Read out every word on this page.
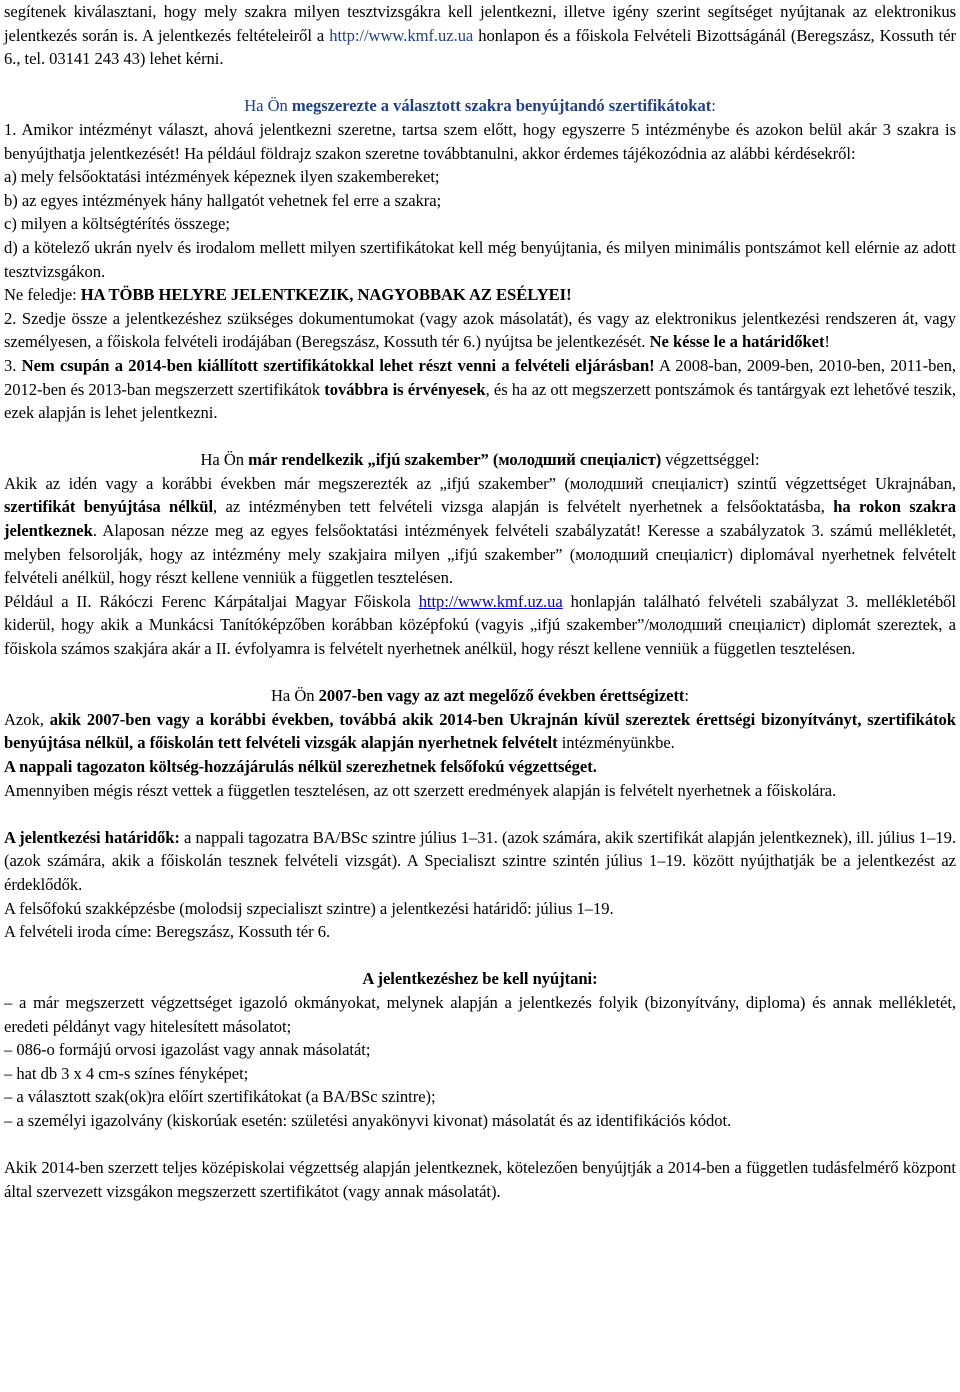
segítenek kiválasztani, hogy mely szakra milyen tesztvizsgákra kell jelentkezni, illetve igény szerint segítséget nyújtanak az elektronikus jelentkezés során is. A jelentkezés feltételeiről a http://www.kmf.uz.ua honlapon és a főiskola Felvételi Bizottságánál (Beregszász, Kossuth tér 6., tel. 03141 243 43) lehet kérni.

Ha Ön megszerezte a választott szakra benyújtandó szertifikátokat:

1. Amikor intézményt választ, ahová jelentkezni szeretne, tartsa szem előtt, hogy egyszerre 5 intézménybe és azokon belül akár 3 szakra is benyújthatja jelentkezését! Ha például földrajz szakon szeretne továbbtanulni, akkor érdemes tájékozódnia az alábbi kérdésekről:

a) mely felsőoktatási intézmények képeznek ilyen szakembereket;

b) az egyes intézmények hány hallgatót vehetnek fel erre a szakra;

c) milyen a költségtérítés összege;

d) a kötelező ukrán nyelv és irodalom mellett milyen szertifikátokat kell még benyújtania, és milyen minimális pontszámot kell elérnie az adott tesztvizsgákon.

Ne feledje: HA TÖBB HELYRE JELENTKEZIK, NAGYOBBAK AZ ESÉLYEI!

2. Szedje össze a jelentkezéshez szükséges dokumentumokat (vagy azok másolatát), és vagy az elektronikus jelentkezési rendszeren át, vagy személyesen, a főiskola felvételi irodájában (Beregszász, Kossuth tér 6.) nyújtsa be jelentkezését. Ne késse le a határidőket!

3. Nem csupán a 2014-ben kiállított szertifikátokkal lehet részt venni a felvételi eljárásban! A 2008-ban, 2009-ben, 2010-ben, 2011-ben, 2012-ben és 2013-ban megszerzett szertifikátok továbbra is érvényesek, és ha az ott megszerzett pontszámok és tantárgyak ezt lehetővé teszik, ezek alapján is lehet jelentkezni.

Ha Ön már rendelkezik „ifjú szakember” (молодший спеціаліст) végzettséggel:

Akik az idén vagy a korábbi években már megszerezték az „ifjú szakember” (молодший спеціаліст) szintű végzettséget Ukrajnában, szertifikát benyújtása nélkül, az intézményben tett felvételi vizsga alapján is felvételt nyerhetnek a felsőoktatásba, ha rokon szakra jelentkeznek. Alaposan nézze meg az egyes felsőoktatási intézmények felvételi szabályzatát! Keresse a szabályzatok 3. számú mellékletét, melyben felsorolják, hogy az intézmény mely szakjaira milyen „ifjú szakember” (молодший спеціаліст) diplomával nyerhetnek felvételt felvételi anélkül, hogy részt kellene venniük a független tesztelésen.

Például a II. Rákóczi Ferenc Kárpátaljai Magyar Főiskola http://www.kmf.uz.ua honlapján található felvételi szabályzat 3. mellékletéből kiderül, hogy akik a Munkácsi Tanítóképzőben korábban középfokú (vagyis „ifjú szakember”/молодший спеціаліст) diplomát szereztek, a főiskola számos szakjára akár a II. évfolyamra is felvételt nyerhetnek anélkül, hogy részt kellene venniük a független tesztelésen.

Ha Ön 2007-ben vagy az azt megelőző években érettségizett:

Azok, akik 2007-ben vagy a korábbi években, továbbá akik 2014-ben Ukrajnán kívül szereztek érettségi bizonyítványt, szertifikátok benyújtása nélkül, a főiskolán tett felvételi vizsgák alapján nyerhetnek felvételt intézményünkbe.

A nappali tagozaton költség-hozzájárulás nélkül szerezhetnek felsőfokú végzettséget.

Amennyiben mégis részt vettek a független tesztelésen, az ott szerzett eredmények alapján is felvételt nyerhetnek a főiskolára.

A jelentkezési határidők: a nappali tagozatra BA/BSc szintre július 1–31. (azok számára, akik szertifikát alapján jelentkeznek), ill. július 1–19. (azok számára, akik a főiskolán tesznek felvételi vizsgát). A Specialiszt szintre szintén július 1–19. között nyújthatják be a jelentkezést az érdeklődők.

A felsőfokú szakképzésbe (molodsij szpecialiszt szintre) a jelentkezési határidő: július 1–19.

A felvételi iroda címe: Beregszász, Kossuth tér 6.

A jelentkezéshez be kell nyújtani:

– a már megszerzett végzettséget igazoló okmányokat, melynek alapján a jelentkezés folyik (bizonyítvány, diploma) és annak mellékletét, eredeti példányt vagy hitelesített másolatot;

– 086-o formájú orvosi igazolást vagy annak másolatát;

– hat db 3 x 4 cm-s színes fényképet;

– a választott szak(ok)ra előírt szertifikátokat (a BA/BSc szintre);

– a személyi igazolvány (kiskorúak esetén: születési anyakönyvi kivonat) másolatát és az identifikációs kódot.

Akik 2014-ben szerzett teljes középiskolai végzettség alapján jelentkeznek, kötelezően benyújtják a 2014-ben a független tudásfelmérő központ által szervezett vizsgákon megszerzett szertifikátot (vagy annak másolatát).
